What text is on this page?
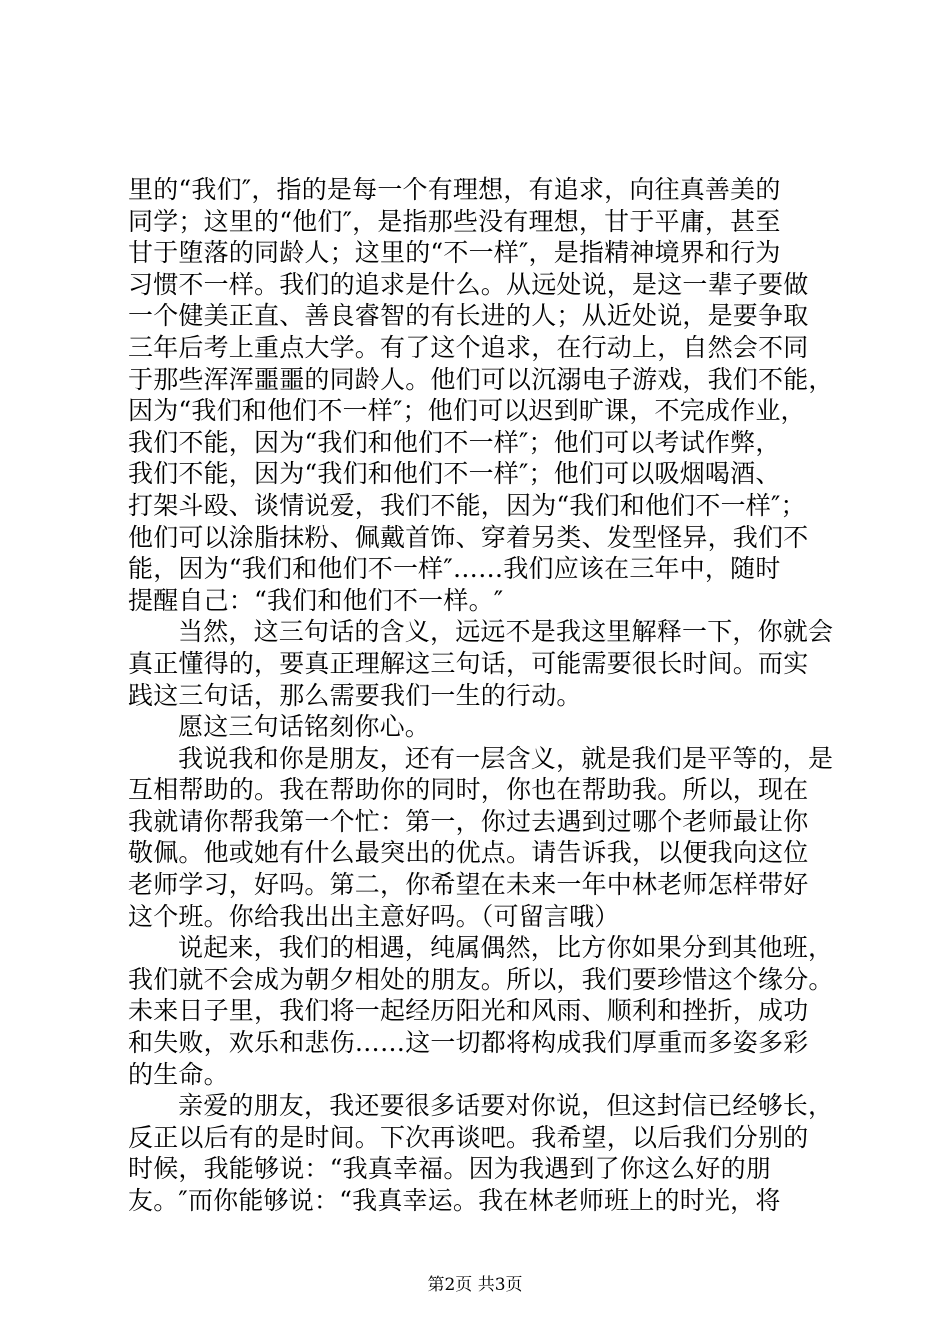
里的“我们″，指的是每一个有理想，有追求，向往真善美的
同学；这里的“他们″，是指那些没有理想，甘于平庸，甚至
甘于堕落的同龄人；这里的“不一样″，是指精神境界和行为
习惯不一样。我们的追求是什么。从远处说，是这一辈子要做
一个健美正直、善良睿智的有长进的人；从近处说，是要争取
三年后考上重点大学。有了这个追求，在行动上，自然会不同
于那些浑浑噩噩的同龄人。他们可以沉溺电子游戏，我们不能，
因为“我们和他们不一样″；他们可以迟到旷课，不完成作业，
我们不能，因为“我们和他们不一样″；他们可以考试作弊，
我们不能，因为“我们和他们不一样″；他们可以吸烟喝酒、
打架斗殴、谈情说爱，我们不能，因为“我们和他们不一样″；
他们可以涂脂抹粉、佩戴首饰、穿着另类、发型怪异，我们不
能，因为“我们和他们不一样″……我们应该在三年中，随时
提醒自己：“我们和他们不一样。″
当然，这三句话的含义，远远不是我这里解释一下，你就会
真正懂得的，要真正理解这三句话，可能需要很长时间。而实
践这三句话，那么需要我们一生的行动。
愿这三句话铭刻你心。
我说我和你是朋友，还有一层含义，就是我们是平等的，是
互相帮助的。我在帮助你的同时，你也在帮助我。所以，现在
我就请你帮我第一个忙：第一，你过去遇到过哪个老师最让你
敬佩。他或她有什么最突出的优点。请告诉我，以便我向这位
老师学习，好吗。第二，你希望在未来一年中林老师怎样带好
这个班。你给我出出主意好吗。（可留言哦）
说起来，我们的相遇，纯属偶然，比方你如果分到其他班，
我们就不会成为朝夕相处的朋友。所以，我们要珍惜这个缘分。
未来日子里，我们将一起经历阳光和风雨、顺利和挫折，成功
和失败，欢乐和悲伤……这一切都将构成我们厚重而多姿多彩
的生命。
亲爱的朋友，我还要很多话要对你说，但这封信已经够长，
反正以后有的是时间。下次再谈吧。我希望，以后我们分别的
时候，我能够说：“我真幸福。因为我遇到了你这么好的朋
友。″而你能够说：“我真幸运。我在林老师班上的时光，将
第2页 共3页
